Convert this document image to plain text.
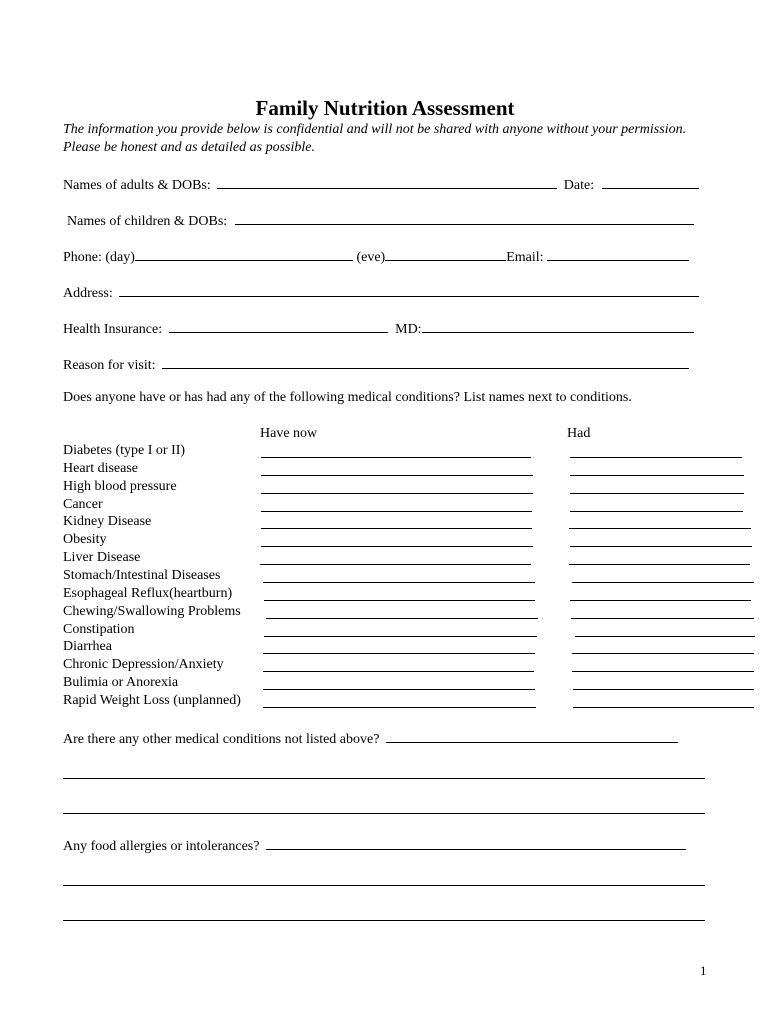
Family Nutrition Assessment
The information you provide below is confidential and will not be shared with anyone without your permission. Please be honest and as detailed as possible.
Names of adults & DOBs:	Date:
Names of children & DOBs:
Phone: (day)	(eve)	Email:
Address:
Health Insurance:	MD:
Reason for visit:
Does anyone have or has had any of the following medical conditions? List names next to conditions.
Have now	Had
Diabetes (type I or II)
Heart disease
High blood pressure
Cancer
Kidney Disease
Obesity
Liver Disease
Stomach/Intestinal Diseases
Esophageal Reflux(heartburn)
Chewing/Swallowing Problems
Constipation
Diarrhea
Chronic Depression/Anxiety
Bulimia or Anorexia
Rapid Weight Loss (unplanned)
Are there any other medical conditions not listed above?
Any food allergies or intolerances?
1
